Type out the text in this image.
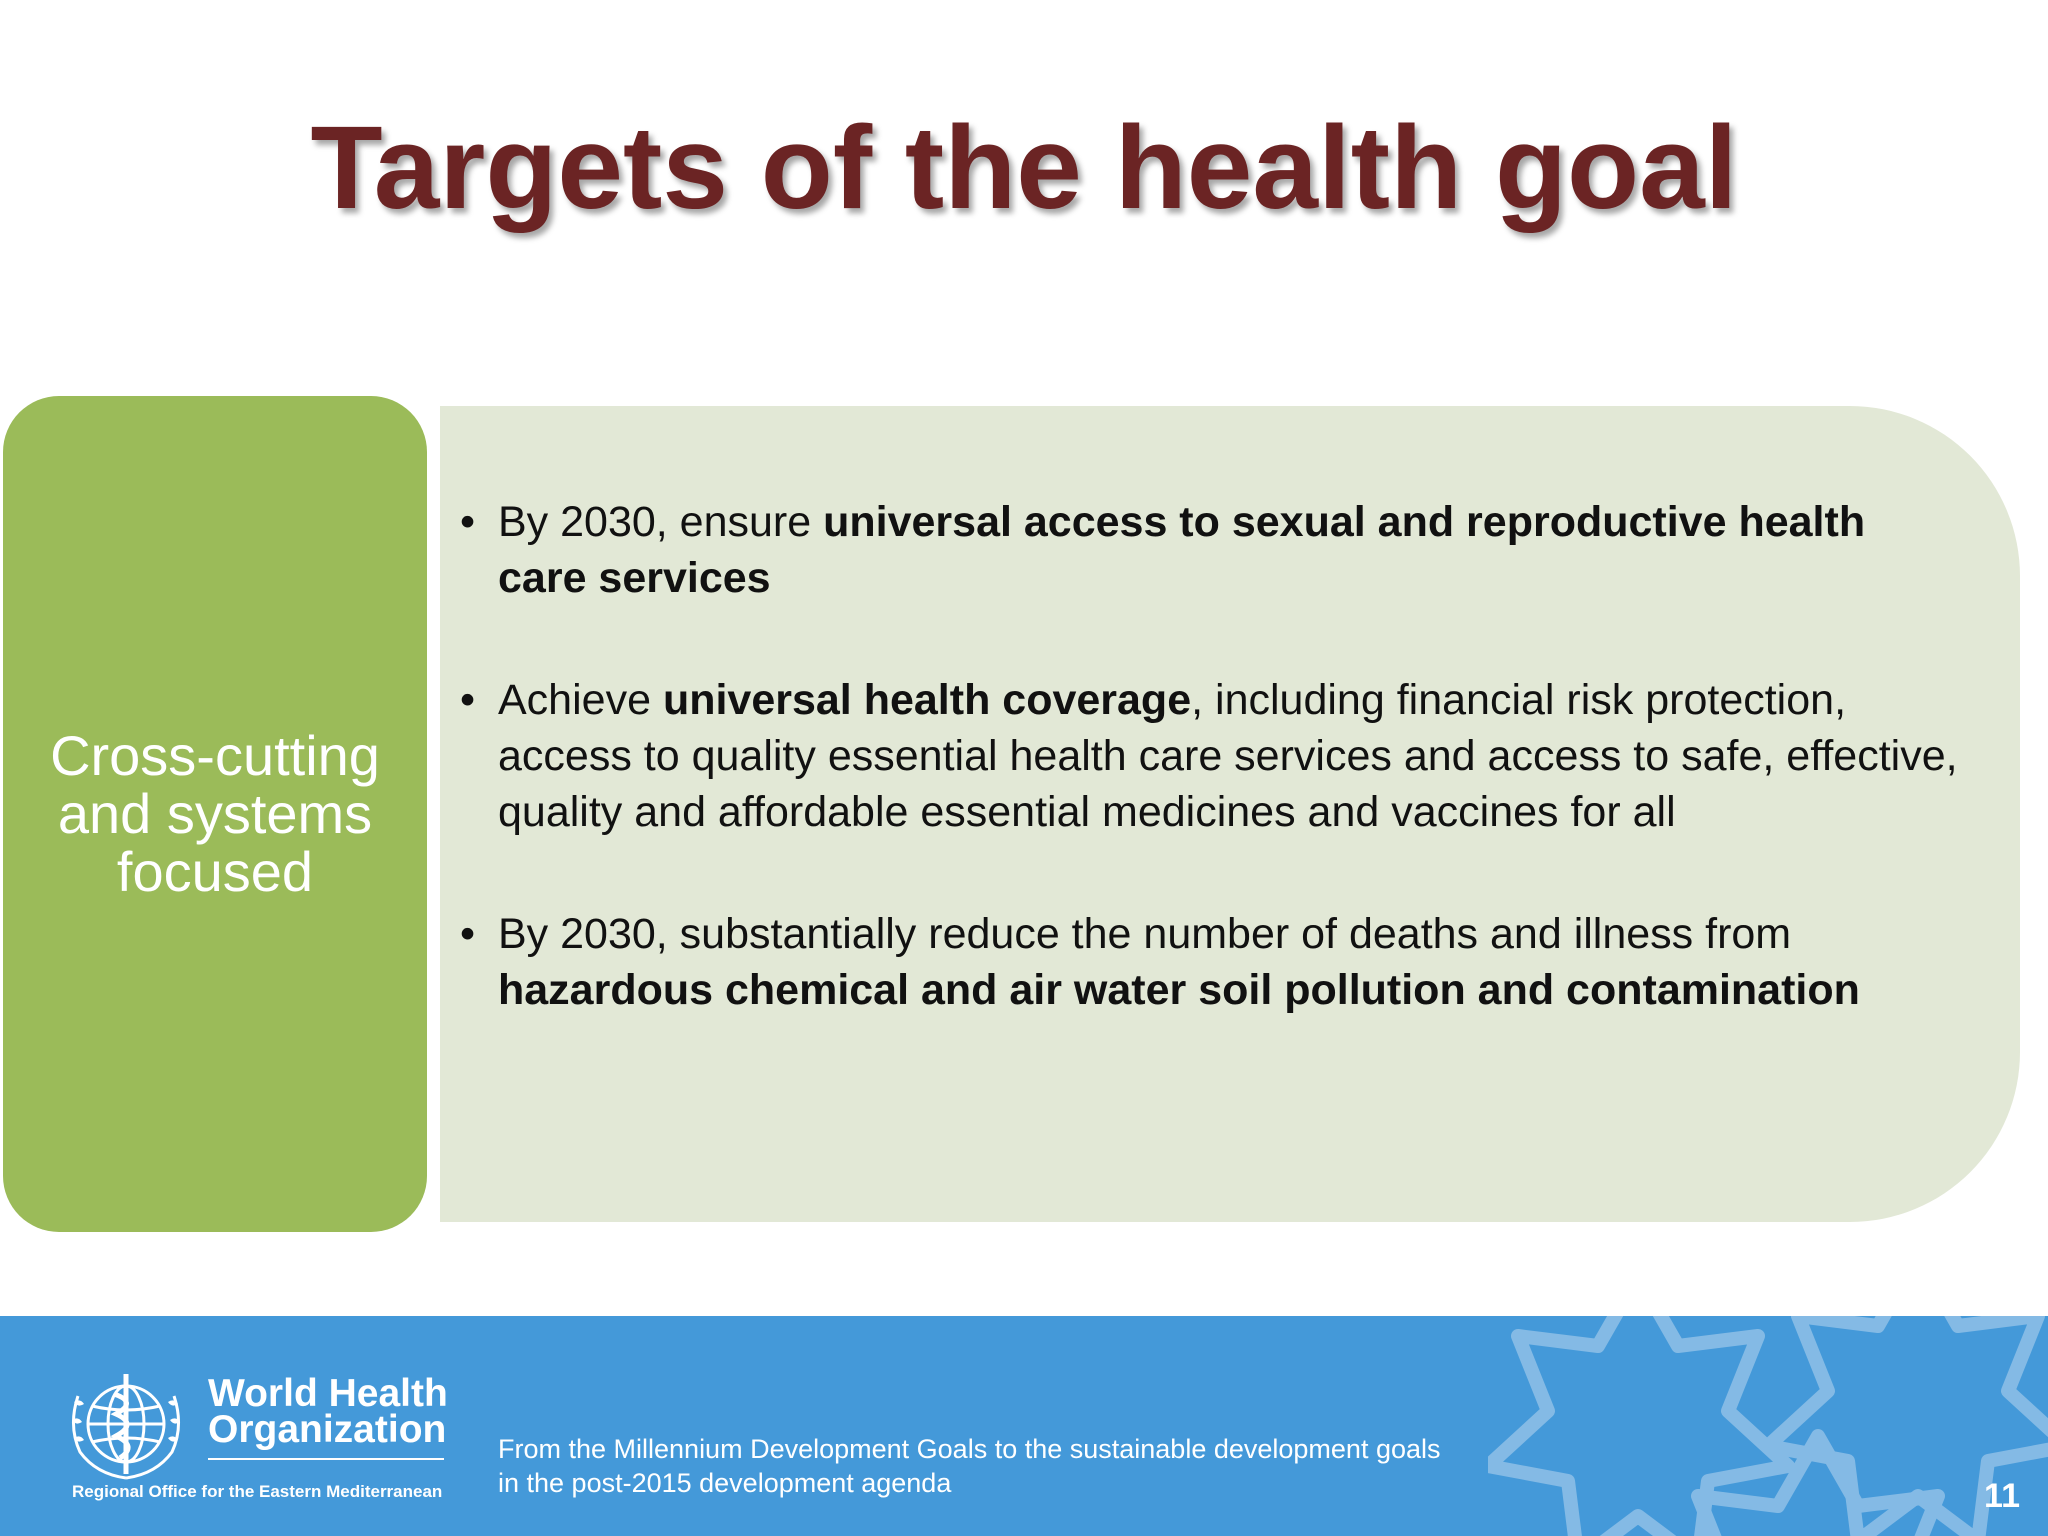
Targets of the health goal
Cross-cutting
and systems
focused
• By 2030, ensure universal access to sexual and reproductive health care services
• Achieve universal health coverage, including financial risk protection, access to quality essential health care services and access to safe, effective, quality and affordable essential medicines and vaccines for all
• By 2030, substantially reduce the number of deaths and illness from hazardous chemical and air water soil pollution and contamination
World Health
Organization
Regional Office for the Eastern Mediterranean
From the Millennium Development Goals to the sustainable development goals
in the post-2015 development agenda	11
